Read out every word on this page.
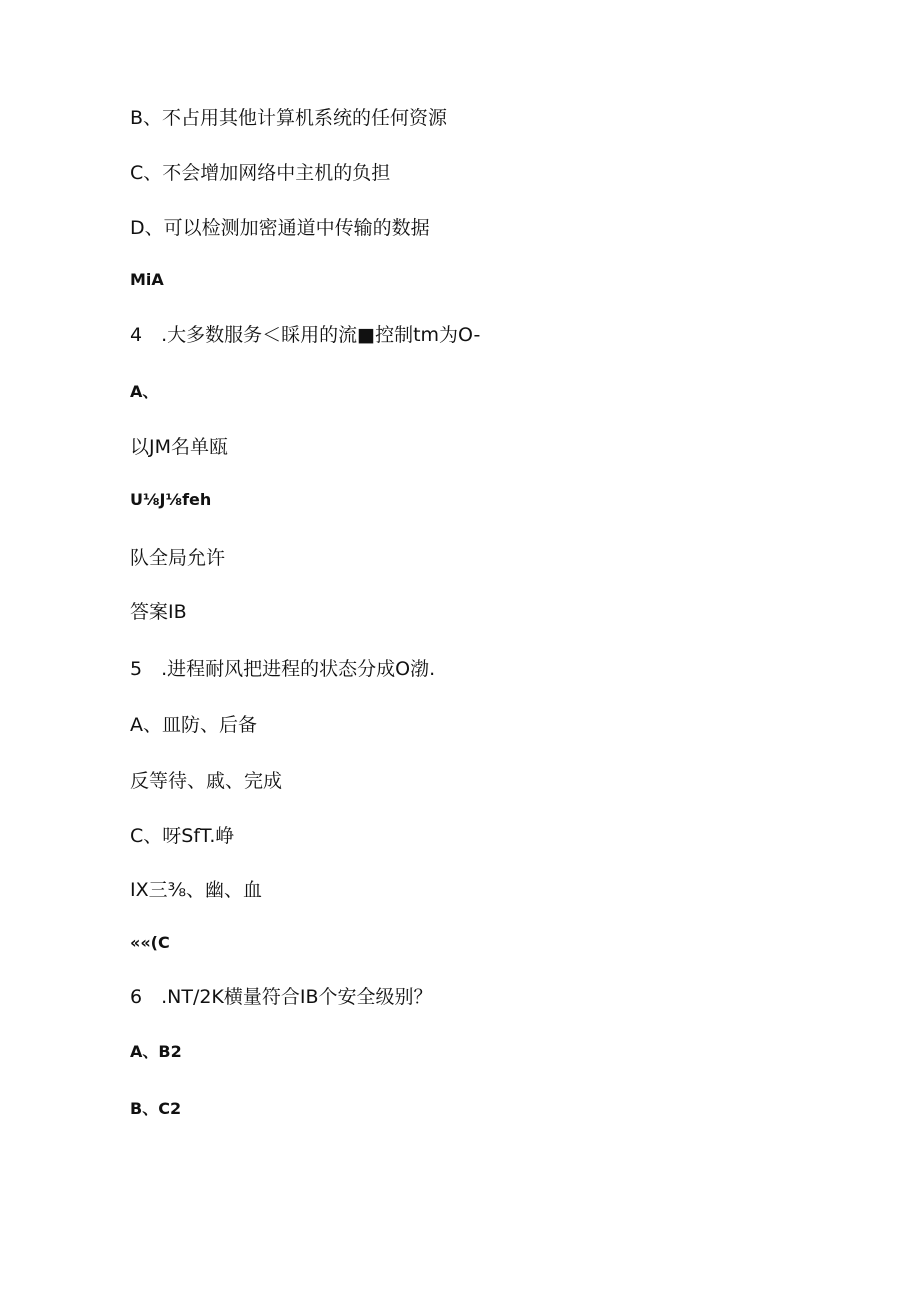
B、不占用其他计算机系统的任何资源
C、不会增加网络中主机的负担
D、可以检测加密通道中传输的数据
MiA
4　.大多数服务＜睬用的流■控制tm为O-
A、
以JM名单瓯
U⅛J⅛feh
队全局允许
答案IB
5　.进程耐风把进程的状态分成O渤.
A、皿防、后备
反等待、戚、完成
C、呀SfT.峥
IX三⅜、幽、血
««(C
6　.NT/2K横量符合IB个安全级别？
A、B2
B、C2
